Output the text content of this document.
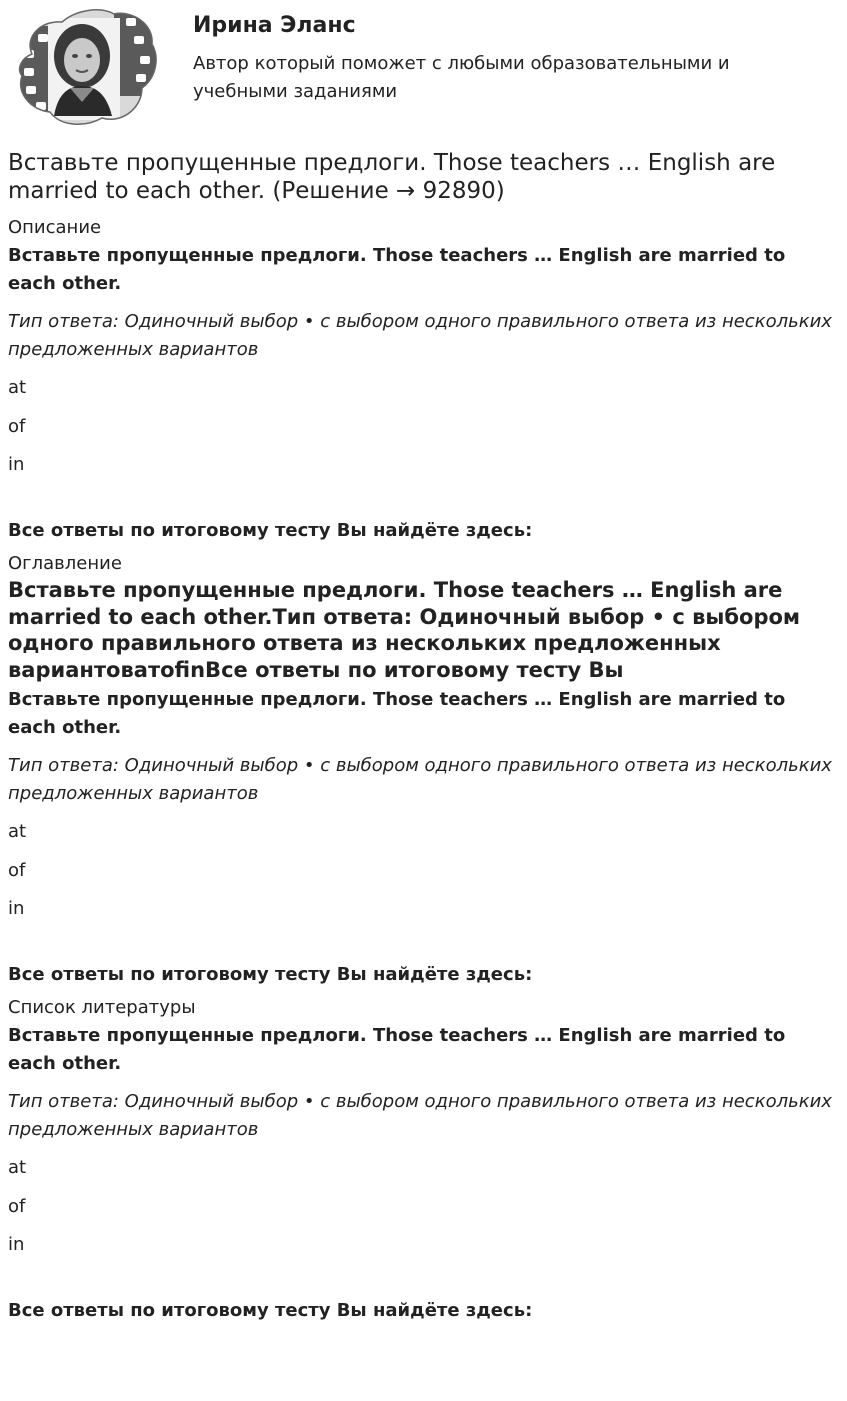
Ирина Эланс
Автор который поможет с любыми образовательными и учебными заданиями
Вставьте пропущенные предлоги. Those teachers … English are married to each other. (Решение → 92890)
Описание

Вставьте пропущенные предлоги. Those teachers … English are married to each other.

Тип ответа: Одиночный выбор • с выбором одного правильного ответа из нескольких предложенных вариантов

at
of
in

Все ответы по итоговому тесту Вы найдёте здесь:

Оглавление

Вставьте пропущенные предлоги. Those teachers … English are married to each other.Тип ответа: Одиночный выбор • с выбором одного правильного ответа из нескольких предложенных вариантоватofinВсе ответы по итоговому тесту Вы

Вставьте пропущенные предлоги. Those teachers … English are married to each other.

Тип ответа: Одиночный выбор • с выбором одного правильного ответа из нескольких предложенных вариантов

at
of
in

Все ответы по итоговому тесту Вы найдёте здесь:

Список литературы

Вставьте пропущенные предлоги. Those teachers … English are married to each other.

Тип ответа: Одиночный выбор • с выбором одного правильного ответа из нескольких предложенных вариантов

at
of
in

Все ответы по итоговому тесту Вы найдёте здесь:
